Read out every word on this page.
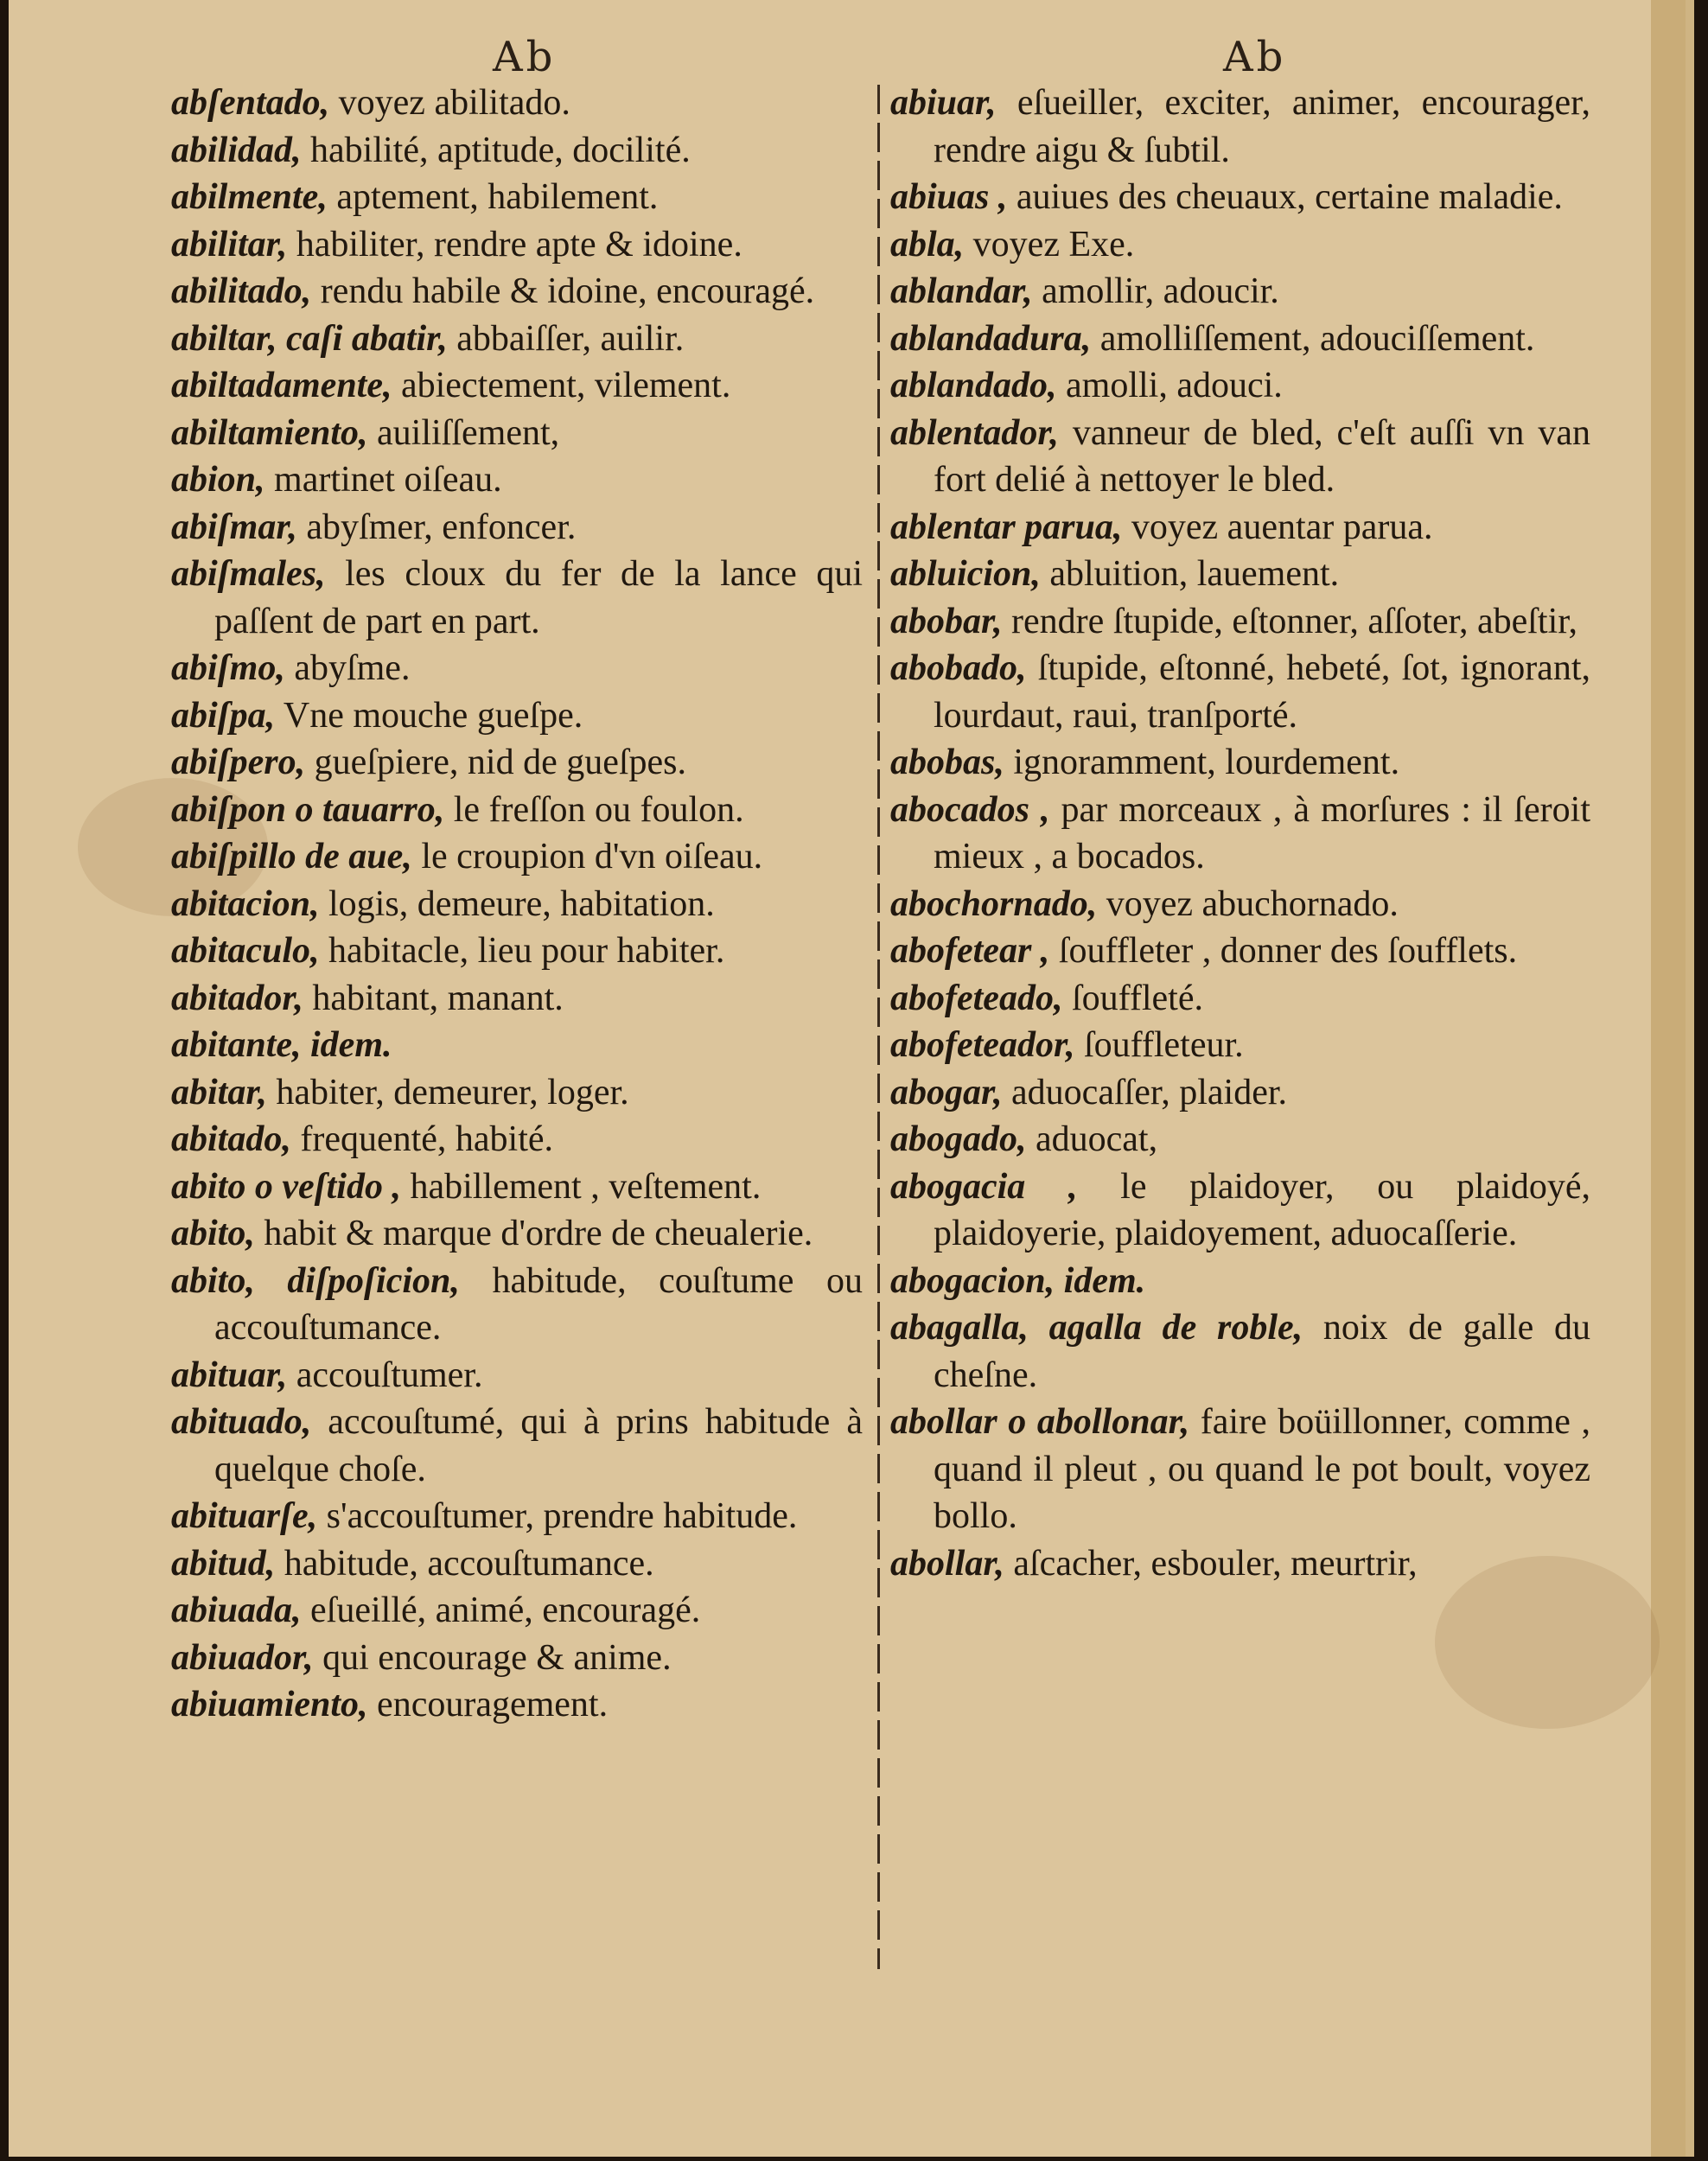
Ab	Ab

abſentado, voyez abilitado.

abilidad, habilité, aptitude, docilité.

abilmente, aptement, habilement.

abilitar, habiliter, rendre apte & idoine.

abilitado, rendu habile & idoine, encouragé.

abiltar, caſi abatir, abbaiſſer, auilir.

abiltadamente, abiectement, vilement.

abiltamiento, auiliſſement,

abion, martinet oiſeau.

abiſmar, abyſmer, enfoncer.

abiſmales, les cloux du fer de la lance qui paſſent de part en part.

abiſmo, abyſme.

abiſpa, Vne mouche gueſpe.

abiſpero, gueſpiere, nid de gueſpes.

abiſpon o tauarro, le freſſon ou foulon.

abiſpillo de aue, le croupion d'vn oiſeau.

abitacion, logis, demeure, habitation.

abitaculo, habitacle, lieu pour habiter.

abitador, habitant, manant.

abitante, idem.

abitar, habiter, demeurer, loger.

abitado, frequenté, habité.

abito o veſtido , habillement , veſtement.

abito, habit & marque d'ordre de cheualerie.

abito, diſpoſicion, habitude, couſtume ou accouſtumance.

abituar, accouſtumer.

abituado, accouſtumé, qui à prins habitude à quelque choſe.

abituarſe, s'accouſtumer, prendre habitude.

abitud, habitude, accouſtumance.

abiuada, eſueillé, animé, encouragé.

abiuador, qui encourage & anime.

abiuamiento, encouragement.

abiuar, eſueiller, exciter, animer, encourager, rendre aigu & ſubtil.

abiuas , auiues des cheuaux, certaine maladie.

abla, voyez Exe.

ablandar, amollir, adoucir.

ablandadura, amolliſſement, adouciſſement.

ablandado, amolli, adouci.

ablentador, vanneur de bled, c'eſt auſſi vn van fort delié à nettoyer le bled.

ablentar parua, voyez auentar parua.

abluicion, abluition, lauement.

abobar, rendre ſtupide, eſtonner, aſſoter, abeſtir,

abobado, ſtupide, eſtonné, hebeté, ſot, ignorant, lourdaut, raui, tranſporté.

abobas, ignoramment, lourdement.

abocados , par morceaux , à morſures : il ſeroit mieux , a bocados.

abochornado, voyez abuchornado.

abofetear , ſouffleter , donner des ſoufflets.

abofeteado, ſouffleté.

abofeteador, ſouffleteur.

abogar, aduocaſſer, plaider.

abogado, aduocat,

abogacia , le plaidoyer, ou plaidoyé, plaidoyerie, plaidoyement, aduocaſſerie.

abogacion, idem.

abagalla, agalla de roble, noix de galle du cheſne.

abollar o abollonar, faire boüillonner, comme , quand il pleut , ou quand le pot boult, voyez bollo.

abollar, aſcacher, esbouler, meurtrir,
